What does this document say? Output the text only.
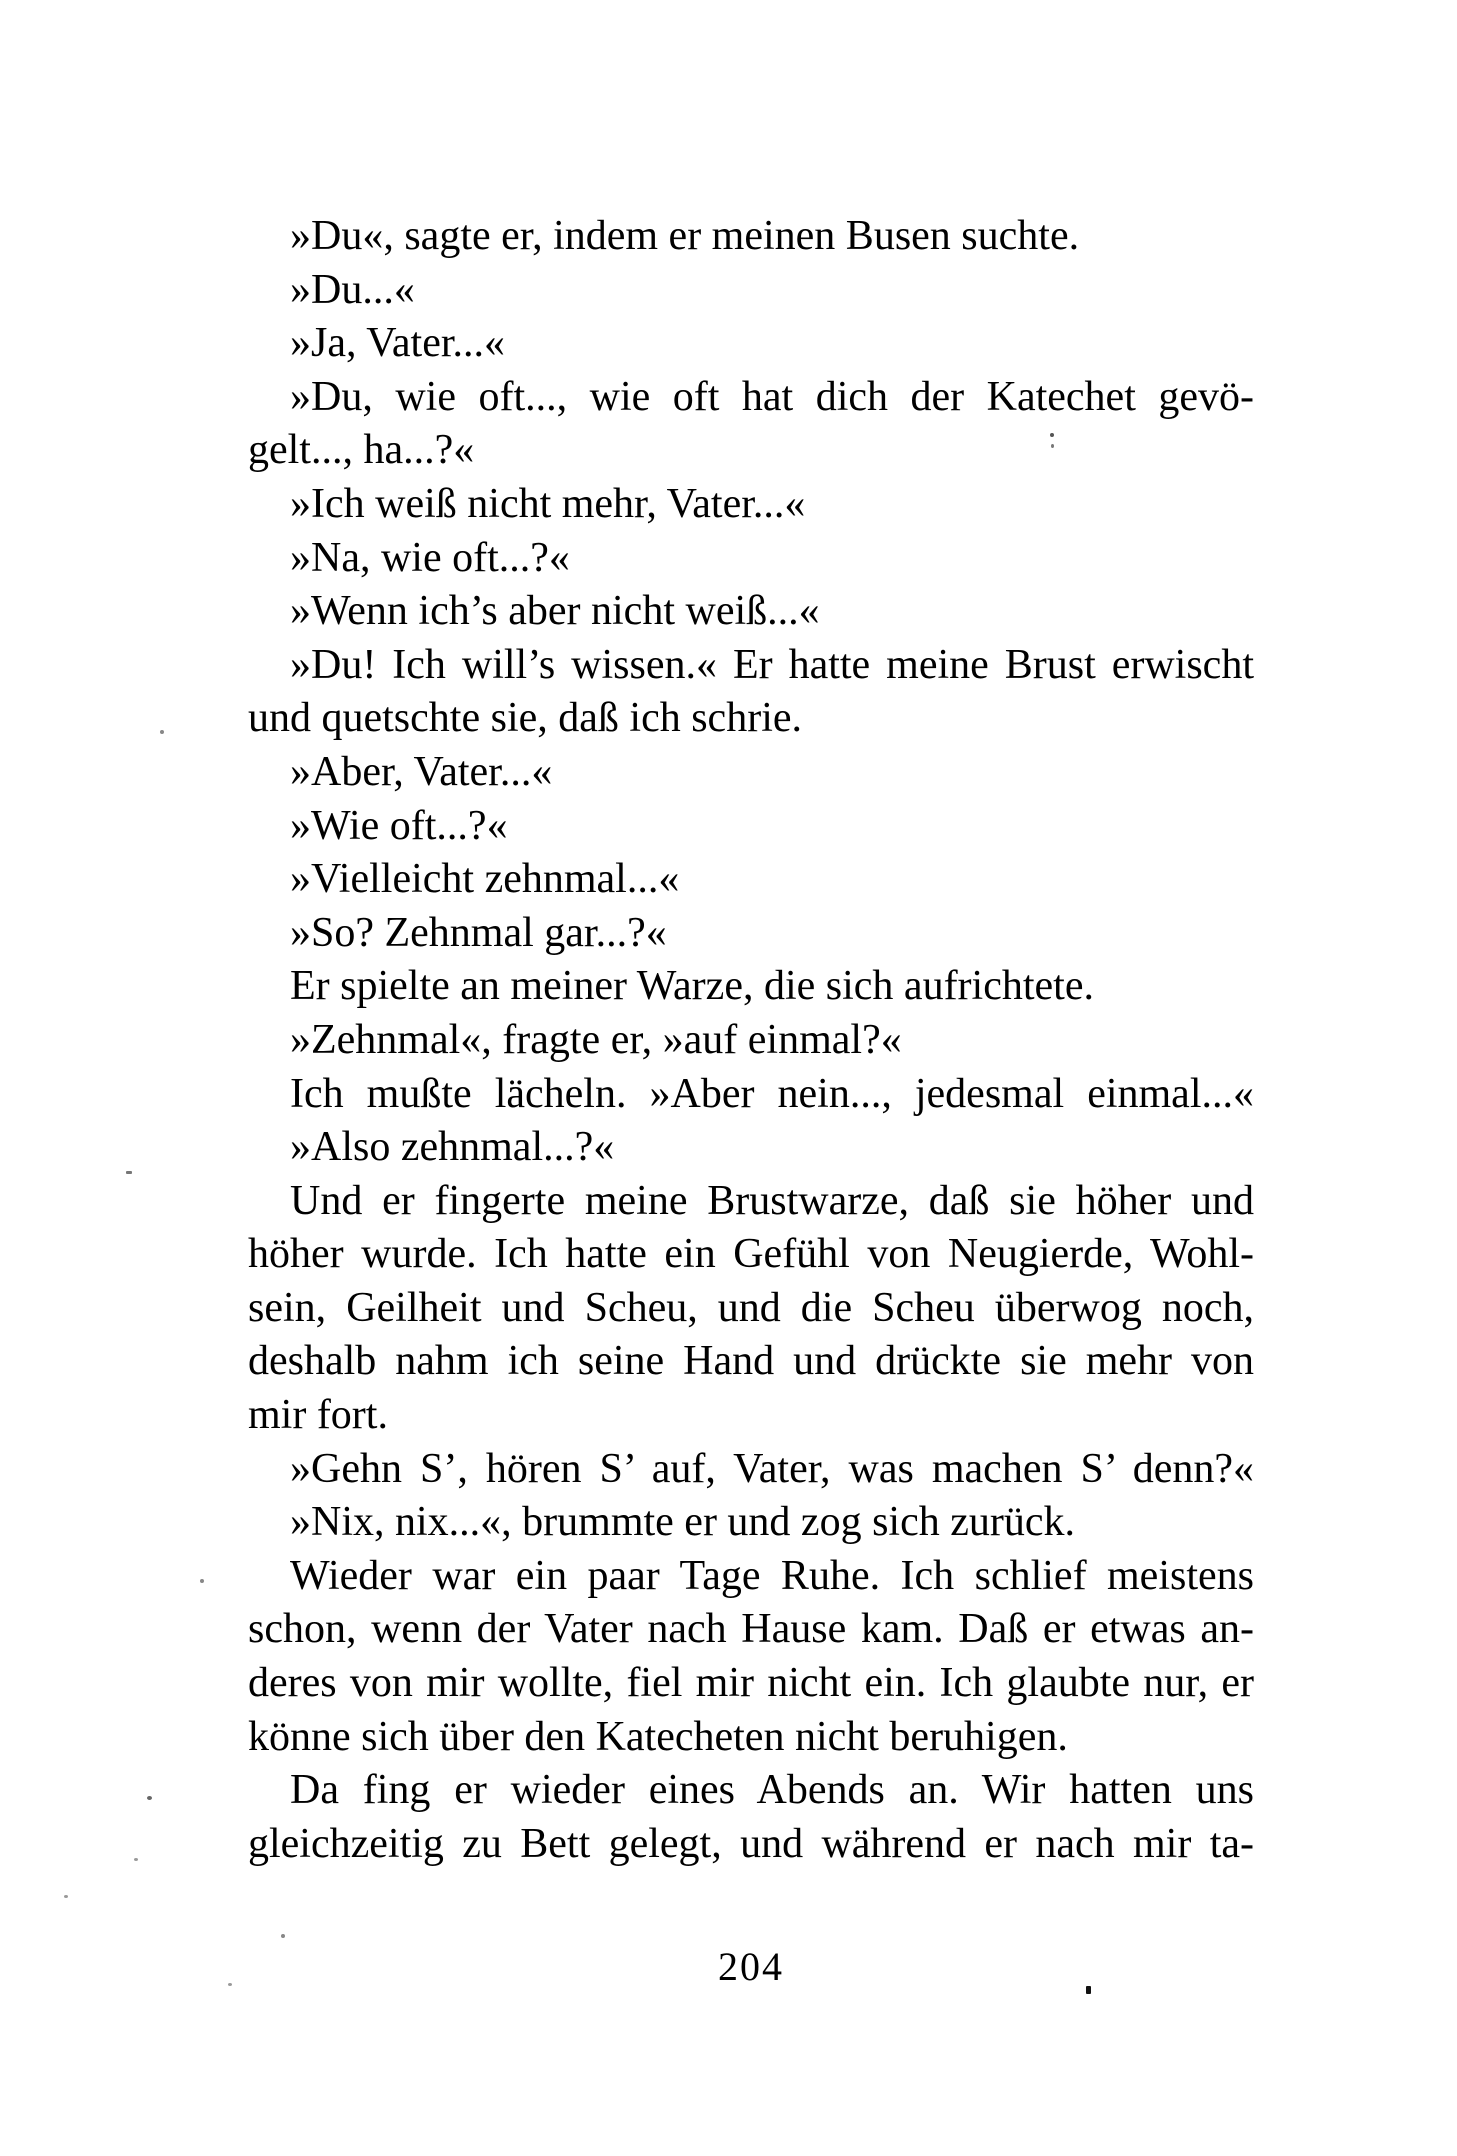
»Du«, sagte er, indem er meinen Busen suchte.
»Du...«
»Ja, Vater...«
»Du, wie oft..., wie oft hat dich der Katechet gevö-
gelt..., ha...?«
»Ich weiß nicht mehr, Vater...«
»Na, wie oft...?«
»Wenn ich’s aber nicht weiß...«
»Du! Ich will’s wissen.« Er hatte meine Brust erwischt
und quetschte sie, daß ich schrie.
»Aber, Vater...«
»Wie oft...?«
»Vielleicht zehnmal...«
»So? Zehnmal gar...?«
Er spielte an meiner Warze, die sich aufrichtete.
»Zehnmal«, fragte er, »auf einmal?«
Ich mußte lächeln. »Aber nein..., jedesmal einmal...«
»Also zehnmal...?«
Und er fingerte meine Brustwarze, daß sie höher und
höher wurde. Ich hatte ein Gefühl von Neugierde, Wohl-
sein, Geilheit und Scheu, und die Scheu überwog noch,
deshalb nahm ich seine Hand und drückte sie mehr von
mir fort.
»Gehn S’, hören S’ auf, Vater, was machen S’ denn?«
»Nix, nix...«, brummte er und zog sich zurück.
Wieder war ein paar Tage Ruhe. Ich schlief meistens
schon, wenn der Vater nach Hause kam. Daß er etwas an-
deres von mir wollte, fiel mir nicht ein. Ich glaubte nur, er
könne sich über den Katecheten nicht beruhigen.
Da fing er wieder eines Abends an. Wir hatten uns
gleichzeitig zu Bett gelegt, und während er nach mir ta-
204
